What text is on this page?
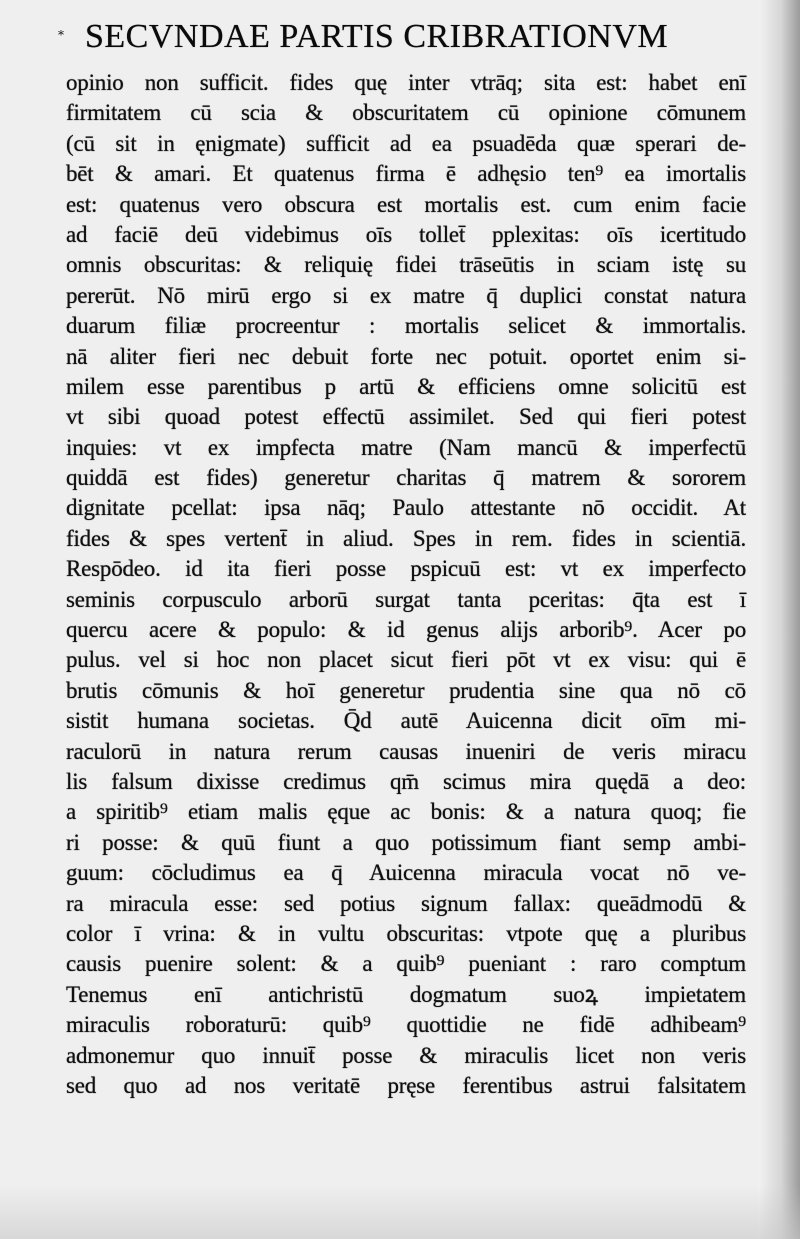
* SECVNDAE PARTIS CRIBRATIONVM
opinio non sufficit. fides quę inter vtrāq; sita est: habet enī
firmitatem cū scia & obscuritatem cū opinione cōmunem
(cū sit in ęnigmate) sufficit ad ea psuadēda quæ sperari de-
bēt & amari. Et quatenus firma ē adhęsio ten⁹ ea imortalis
est: quatenus vero obscura est mortalis est. cum enim facie
ad faciē deū videbimus oīs tollet̄ pplexitas: oīs icertitudo
omnis obscuritas: & reliquię fidei trāseūtis in sciam istę su
pererūt. Nō mirū ergo si ex matre q̄ duplici constat natura
duarum filiæ procreentur : mortalis selicet & immortalis.
nā aliter fieri nec debuit forte nec potuit. oportet enim si-
milem esse parentibus p artū & efficiens omne solicitū est
vt sibi quoad potest effectū assimilet. Sed qui fieri potest
inquies: vt ex impfecta matre (Nam mancū & imperfectū
quiddā est fides) generetur charitas q̄ matrem & sororem
dignitate pcellat: ipsa nāq; Paulo attestante nō occidit. At
fides & spes vertent̄ in aliud. Spes in rem. fides in scientiā.
Respōdeo. id ita fieri posse pspicuū est: vt ex imperfecto
seminis corpusculo arborū surgat tanta pceritas: q̄ta est ī
quercu acere & populo: & id genus alijs arborib⁹. Acer po
pulus. vel si hoc non placet sicut fieri pōt vt ex visu: qui ē
brutis cōmunis & hoī generetur prudentia sine qua nō cō
sistit humana societas. Q̄d autē Auicenna dicit oīm mi-
raculorū in natura rerum causas inueniri de veris miracu
lis falsum dixisse credimus qm̄ scimus mira quędā a deo:
a spiritib⁹ etiam malis ęque ac bonis: & a natura quoq; fie
ri posse: & quū fiunt a quo potissimum fiant semp ambi-
guum: cōcludimus ea q̄ Auicenna miracula vocat nō ve-
ra miracula esse: sed potius signum fallax: queādmodū &
color ī vrina: & in vultu obscuritas: vtpote quę a pluribus
causis puenire solent: & a quib⁹ pueniant : raro comptum
Tenemus enī antichristū dogmatum suoꝝ impietatem
miraculis roboraturū: quib⁹ quottidie ne fidē adhibeam⁹
admonemur quo innuit̄ posse & miraculis licet non veris
sed quo ad nos veritatē pręse ferentibus astrui falsitatem
